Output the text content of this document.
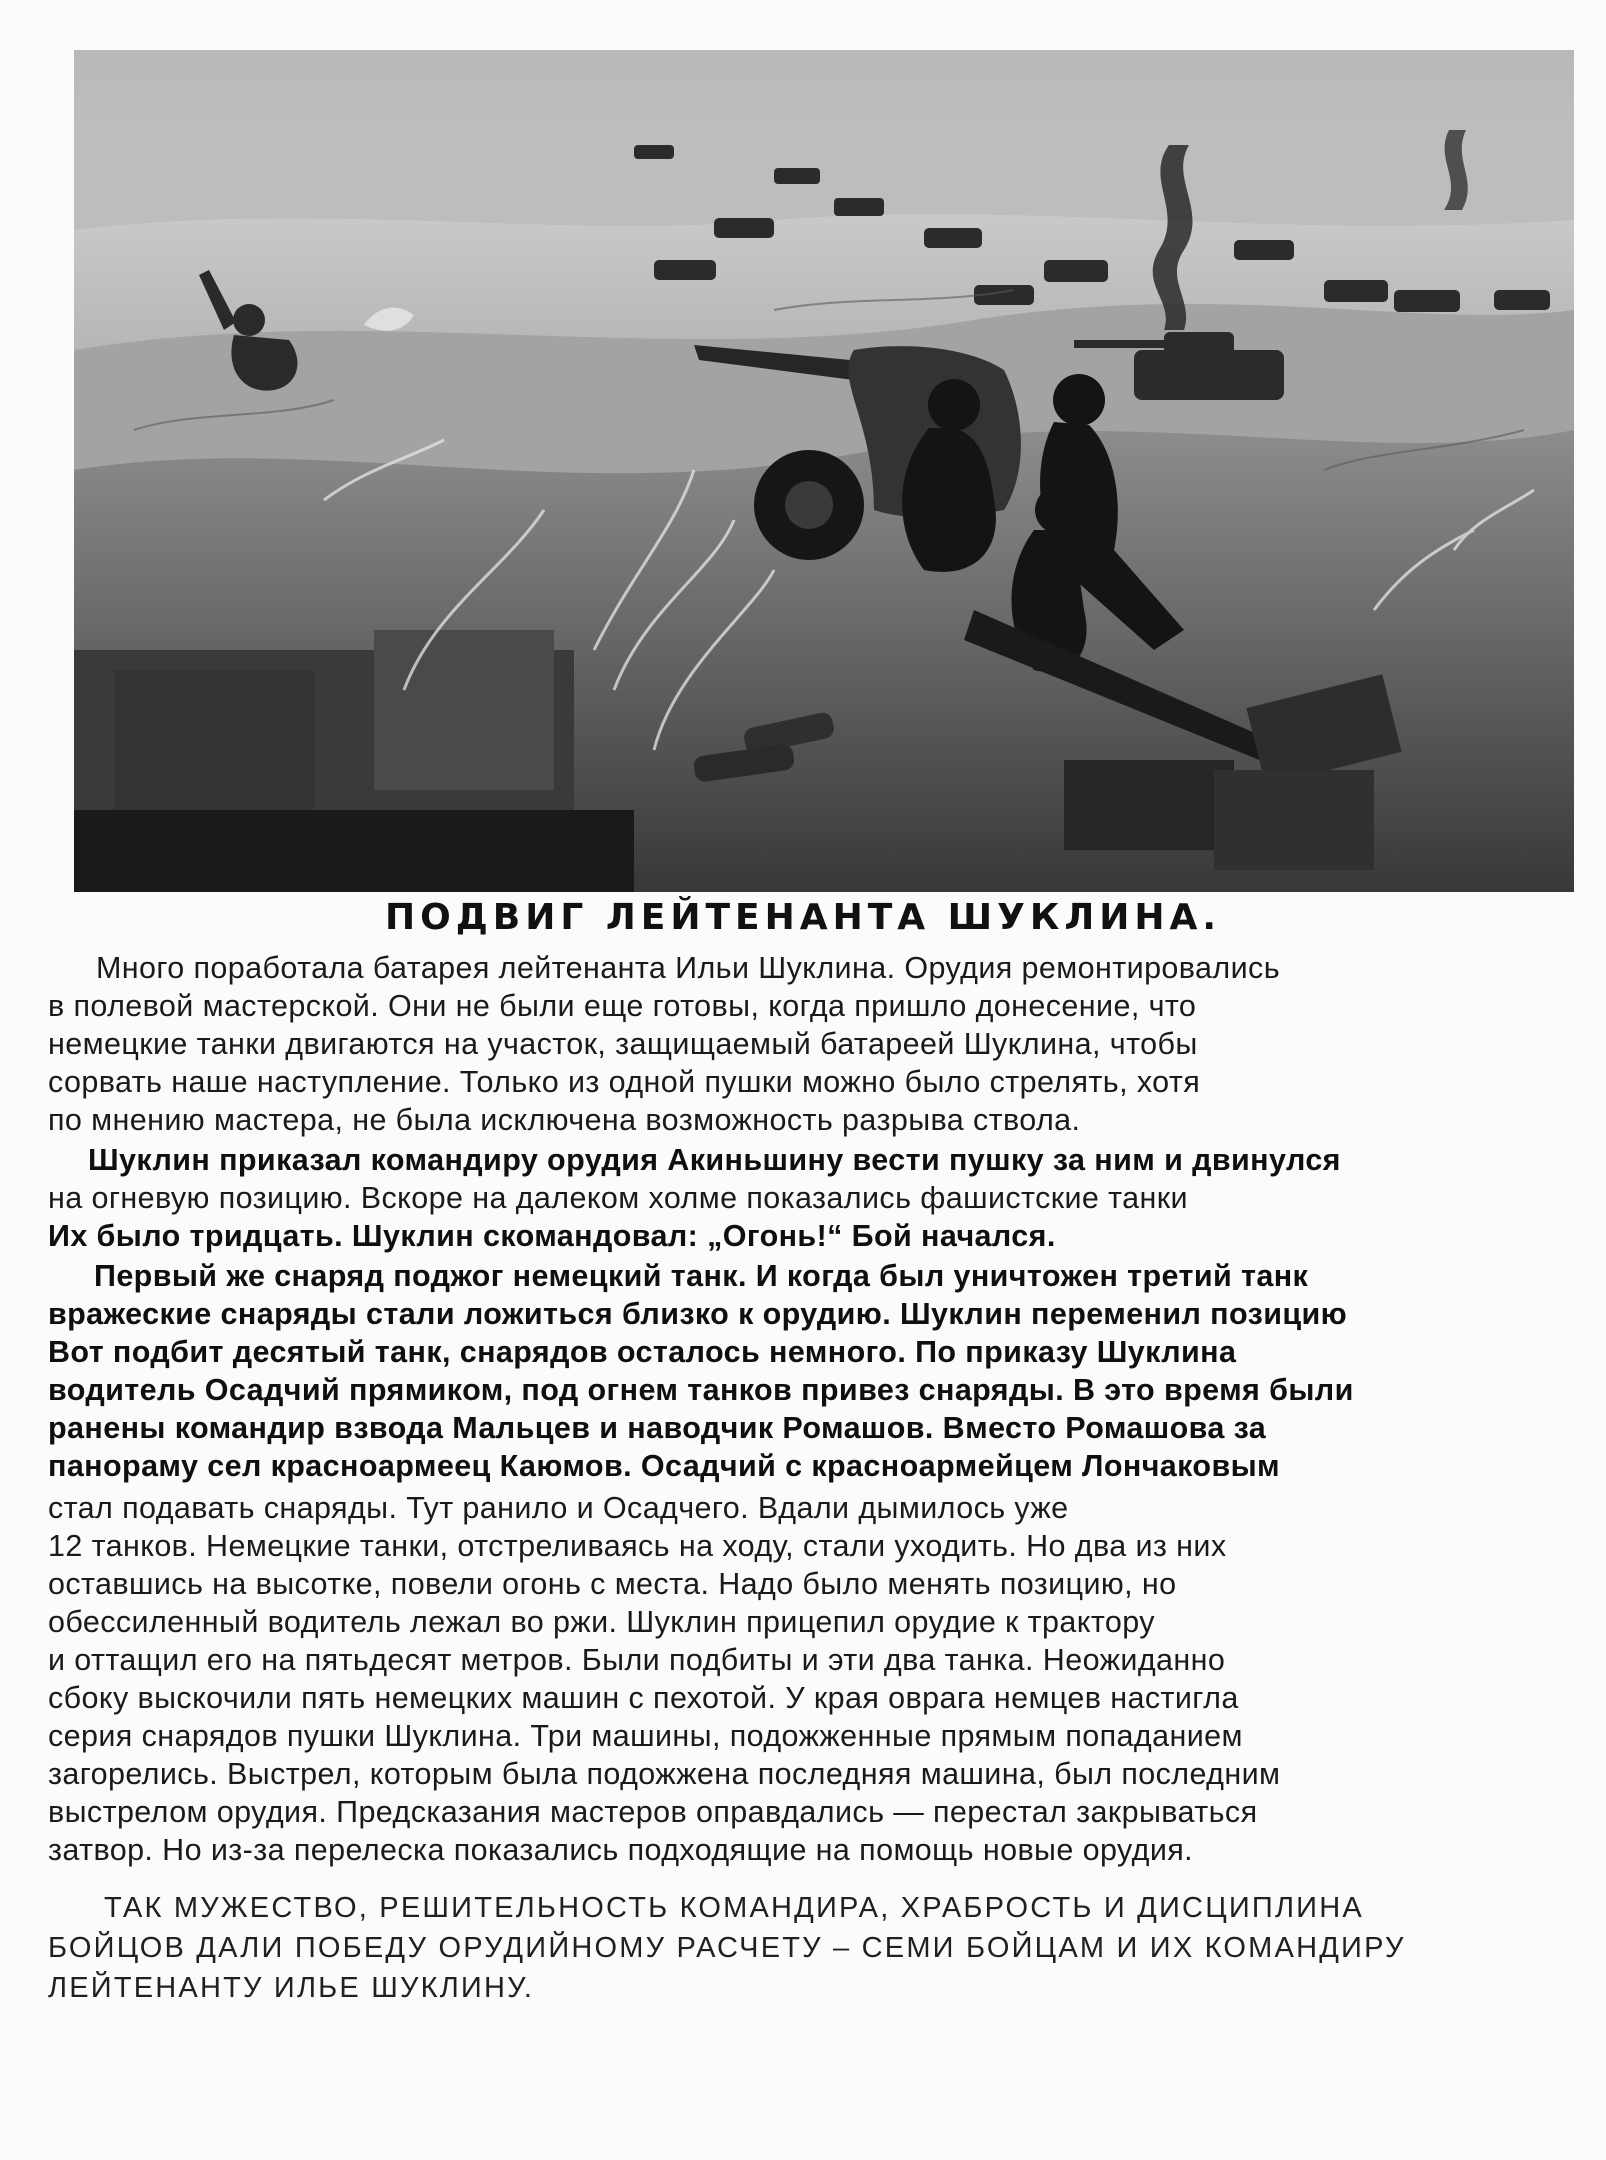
ПОДВИГ ЛЕЙТЕНАНТА ШУКЛИНА.
Много поработала батарея лейтенанта Ильи Шуклина. Орудия ремонтировались
в полевой мастерской. Они не были еще готовы, когда пришло донесение, что
немецкие танки двигаются на участок, защищаемый батареей Шуклина, чтобы
сорвать наше наступление. Только из одной пушки можно было стрелять, хотя
по мнению мастера, не была исключена возможность разрыва ствола.
Шуклин приказал командиру орудия Акиньшину вести пушку за ним и двинулся
на огневую позицию. Вскоре на далеком холме показались фашистские танки
Их было тридцать. Шуклин скомандовал: „Огонь!“ Бой начался.
Первый же снаряд поджог немецкий танк. И когда был уничтожен третий танк
вражеские снаряды стали ложиться близко к орудию. Шуклин переменил позицию
Вот подбит десятый танк, снарядов осталось немного. По приказу Шуклина
водитель Осадчий прямиком, под огнем танков привез снаряды. В это время были
ранены командир взвода Мальцев и наводчик Ромашов. Вместо Ромашова за
панораму сел красноармеец Каюмов. Осадчий с красноармейцем Лончаковым
стал подавать снаряды. Тут ранило и Осадчего. Вдали дымилось уже
12 танков. Немецкие танки, отстреливаясь на ходу, стали уходить. Но два из них
оставшись на высотке, повели огонь с места. Надо было менять позицию, но
обессиленный водитель лежал во ржи. Шуклин прицепил орудие к трактору
и оттащил его на пятьдесят метров. Были подбиты и эти два танка. Неожиданно
сбоку выскочили пять немецких машин с пехотой. У края оврага немцев настигла
серия снарядов пушки Шуклина. Три машины, подожженные прямым попаданием
загорелись. Выстрел, которым была подожжена последняя машина, был последним
выстрелом орудия. Предсказания мастеров оправдались — перестал закрываться
затвор. Но из-за перелеска показались подходящие на помощь новые орудия.
ТАК МУЖЕСТВО, РЕШИТЕЛЬНОСТЬ КОМАНДИРА, ХРАБРОСТЬ И ДИСЦИПЛИНА
БОЙЦОВ ДАЛИ ПОБЕДУ ОРУДИЙНОМУ РАСЧЕТУ – СЕМИ БОЙЦАМ И ИХ КОМАНДИРУ
ЛЕЙТЕНАНТУ ИЛЬЕ ШУКЛИНУ.
